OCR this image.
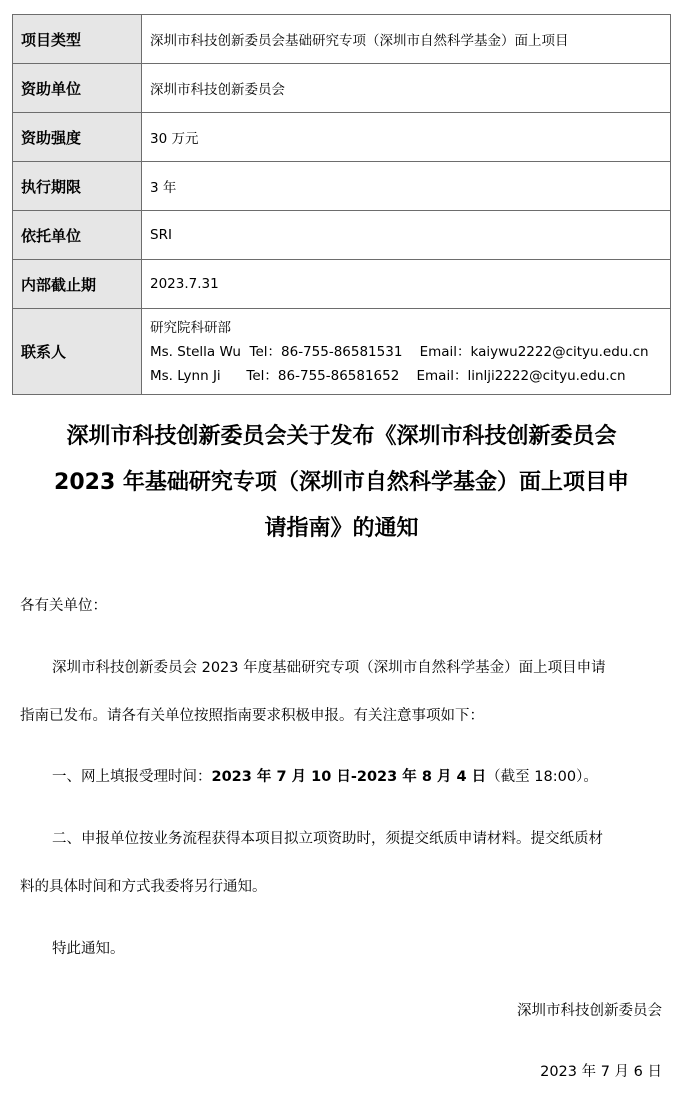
项目类型	深圳市科技创新委员会基础研究专项（深圳市自然科学基金）面上项目
资助单位	深圳市科技创新委员会
资助强度	30 万元
执行期限	3 年
依托单位	SRI
内部截止期	2023.7.31
联系人	研究院科研部
Ms. Stella Wu  Tel：86-755-86581531    Email：kaiywu2222@cityu.edu.cn
Ms. Lynn Ji      Tel：86-755-86581652    Email：linlji2222@cityu.edu.cn
深圳市科技创新委员会关于发布《深圳市科技创新委员会
2023 年基础研究专项（深圳市自然科学基金）面上项目申
请指南》的通知
各有关单位：
深圳市科技创新委员会 2023 年度基础研究专项（深圳市自然科学基金）面上项目申请
指南已发布。请各有关单位按照指南要求积极申报。有关注意事项如下：
一、网上填报受理时间：2023 年 7 月 10 日-2023 年 8 月 4 日（截至 18:00）。
二、申报单位按业务流程获得本项目拟立项资助时，须提交纸质申请材料。提交纸质材
料的具体时间和方式我委将另行通知。
特此通知。
深圳市科技创新委员会
2023 年 7 月 6 日
